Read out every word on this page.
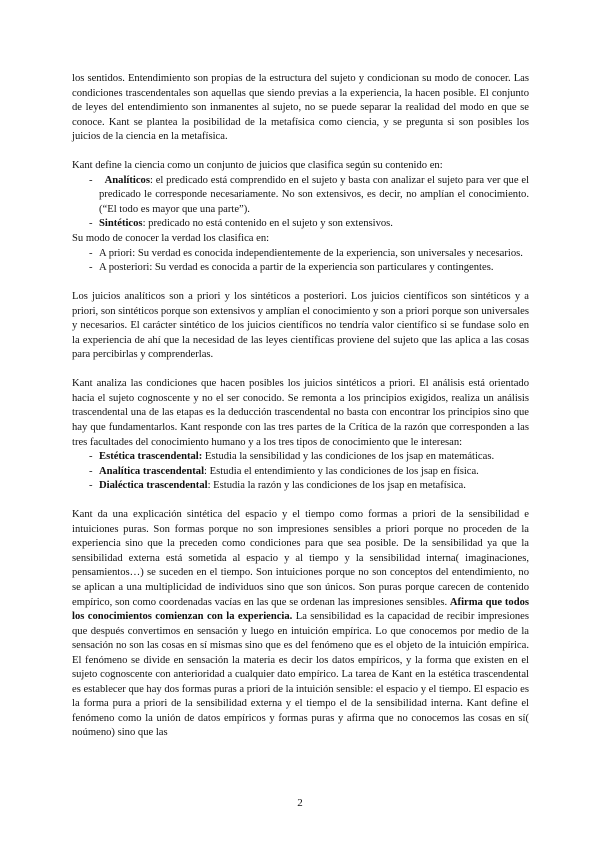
los sentidos. Entendimiento son propias de la estructura del sujeto y condicionan su modo de conocer. Las condiciones trascendentales son aquellas que siendo previas a la experiencia, la hacen posible. El conjunto de leyes del entendimiento son inmanentes al sujeto, no se puede separar la realidad del modo en que se conoce. Kant se plantea la posibilidad de la metafísica como ciencia, y se pregunta si son posibles los juicios de la ciencia en la metafísica.

Kant define la ciencia como un conjunto de juicios que clasifica según su contenido en:

- Analíticos: el predicado está comprendido en el sujeto y basta con analizar el sujeto para ver que el predicado le corresponde necesariamente. No son extensivos, es decir, no amplían el conocimiento. (“El todo es mayor que una parte”).
- Sintéticos: predicado no está contenido en el sujeto y son extensivos.

Su modo de conocer la verdad los clasifica en:

- A priori: Su verdad es conocida independientemente de la experiencia, son universales y necesarios.
- A posteriori: Su verdad es conocida a partir de la experiencia son particulares y contingentes.

Los juicios analíticos son a priori y los sintéticos a posteriori. Los juicios científicos son sintéticos y a priori, son sintéticos porque son extensivos y amplían el conocimiento y son a priori porque son universales y necesarios. El carácter sintético de los juicios científicos no tendría valor científico si se fundase solo en la experiencia de ahí que la necesidad de las leyes científicas proviene del sujeto que las aplica a las cosas para percibirlas y comprenderlas.

Kant analiza las condiciones que hacen posibles los juicios sintéticos a priori. El análisis está orientado hacia el sujeto cognoscente y no el ser conocido. Se remonta a los principios exigidos, realiza un análisis trascendental una de las etapas es la deducción trascendental no basta con encontrar los principios sino que hay que fundamentarlos. Kant responde con las tres partes de la Crítica de la razón que corresponden a las tres facultades del conocimiento humano y a los tres tipos de conocimiento que le interesan:

- Estética trascendental: Estudia la sensibilidad y las condiciones de los jsap en matemáticas.
- Analítica trascendental: Estudia el entendimiento y las condiciones de los jsap en física.
- Dialéctica trascendental: Estudia la razón y las condiciones de los jsap en metafísica.

Kant da una explicación sintética del espacio y el tiempo como formas a priori de la sensibilidad e intuiciones puras. Son formas porque no son impresiones sensibles a priori porque no proceden de la experiencia sino que la preceden como condiciones para que sea posible. De la sensibilidad ya que la sensibilidad externa está sometida al espacio y al tiempo y la sensibilidad interna( imaginaciones, pensamientos…) se suceden en el tiempo. Son intuiciones porque no son conceptos del entendimiento, no se aplican a una multiplicidad de individuos sino que son únicos. Son puras porque carecen de contenido empírico, son como coordenadas vacías en las que se ordenan las impresiones sensibles. Afirma que todos los conocimientos comienzan con la experiencia. La sensibilidad es la capacidad de recibir impresiones que después convertimos en sensación y luego en intuición empírica. Lo que conocemos por medio de la sensación no son las cosas en sí mismas sino que es del fenómeno que es el objeto de la intuición empírica. El fenómeno se divide en sensación la materia es decir los datos empíricos, y la forma que existen en el sujeto cognoscente con anterioridad a cualquier dato empírico. La tarea de Kant en la estética trascendental es establecer que hay dos formas puras a priori de la intuición sensible: el espacio y el tiempo. El espacio es la forma pura a priori de la sensibilidad externa y el tiempo el de la sensibilidad interna. Kant define el fenómeno como la unión de datos empíricos y formas puras y afirma que no conocemos las cosas en sí( noúmeno) sino que las

2
